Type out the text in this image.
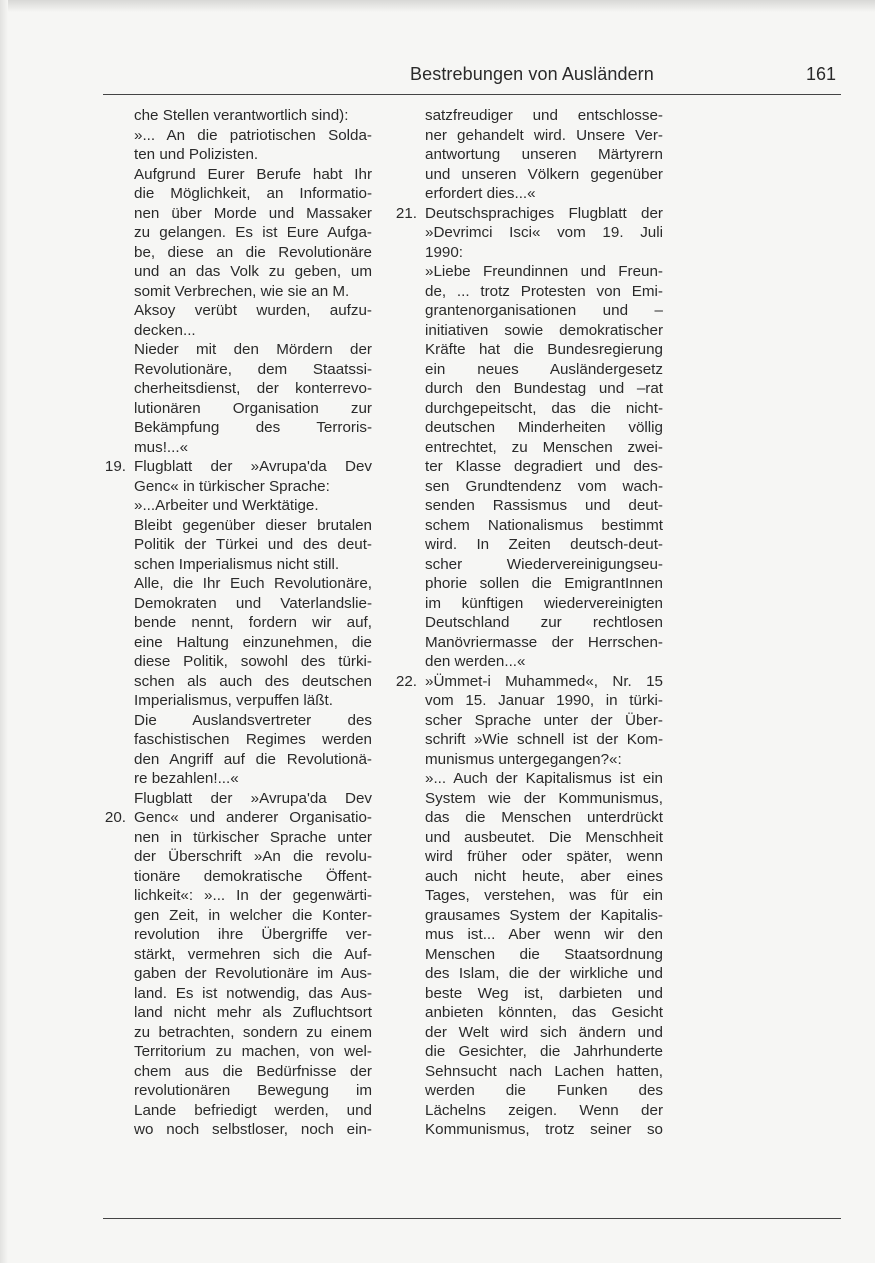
Bestrebungen von Ausländern	161
19.
20.
21.
22.
che Stellen verantwortlich sind):
»... An die patriotischen Solda-
ten und Polizisten.
Aufgrund Eurer Berufe habt Ihr
die Möglichkeit, an Informatio-
nen über Morde und Massaker
zu gelangen. Es ist Eure Aufga-
be, diese an die Revolutionäre
und an das Volk zu geben, um
somit Verbrechen, wie sie an M.
Aksoy verübt wurden, aufzu-
decken...
Nieder mit den Mördern der
Revolutionäre, dem Staatssi-
cherheitsdienst, der konterrevo-
lutionären Organisation zur
Bekämpfung des Terroris-
mus!...«
Flugblatt der »Avrupa'da Dev
Genc« in türkischer Sprache:
»...Arbeiter und Werktätige.
Bleibt gegenüber dieser brutalen
Politik der Türkei und des deut-
schen Imperialismus nicht still.
Alle, die Ihr Euch Revolutionäre,
Demokraten und Vaterlandslie-
bende nennt, fordern wir auf,
eine Haltung einzunehmen, die
diese Politik, sowohl des türki-
schen als auch des deutschen
Imperialismus, verpuffen läßt.
Die Auslandsvertreter des
faschistischen Regimes werden
den Angriff auf die Revolutionä-
re bezahlen!...«
Flugblatt der »Avrupa'da Dev
Genc« und anderer Organisatio-
nen in türkischer Sprache unter
der Überschrift »An die revolu-
tionäre demokratische Öffent-
lichkeit«: »... In der gegenwärti-
gen Zeit, in welcher die Konter-
revolution ihre Übergriffe ver-
stärkt, vermehren sich die Auf-
gaben der Revolutionäre im Aus-
land. Es ist notwendig, das Aus-
land nicht mehr als Zufluchtsort
zu betrachten, sondern zu einem
Territorium zu machen, von wel-
chem aus die Bedürfnisse der
revolutionären Bewegung im
Lande befriedigt werden, und
wo noch selbstloser, noch ein-
satzfreudiger und entschlosse-
ner gehandelt wird. Unsere Ver-
antwortung unseren Märtyrern
und unseren Völkern gegenüber
erfordert dies...«
Deutschsprachiges Flugblatt der
»Devrimci Isci« vom 19. Juli
1990:
»Liebe Freundinnen und Freun-
de, ... trotz Protesten von Emi-
grantenorganisationen und –
initiativen sowie demokratischer
Kräfte hat die Bundesregierung
ein neues Ausländergesetz
durch den Bundestag und –rat
durchgepeitscht, das die nicht-
deutschen Minderheiten völlig
entrechtet, zu Menschen zwei-
ter Klasse degradiert und des-
sen Grundtendenz vom wach-
senden Rassismus und deut-
schem Nationalismus bestimmt
wird. In Zeiten deutsch-deut-
scher Wiedervereinigungseu-
phorie sollen die EmigrantInnen
im künftigen wiedervereinigten
Deutschland zur rechtlosen
Manövriermasse der Herrschen-
den werden...«
»Ümmet-i Muhammed«, Nr. 15
vom 15. Januar 1990, in türki-
scher Sprache unter der Über-
schrift »Wie schnell ist der Kom-
munismus untergegangen?«:
»... Auch der Kapitalismus ist ein
System wie der Kommunismus,
das die Menschen unterdrückt
und ausbeutet. Die Menschheit
wird früher oder später, wenn
auch nicht heute, aber eines
Tages, verstehen, was für ein
grausames System der Kapitalis-
mus ist... Aber wenn wir den
Menschen die Staatsordnung
des Islam, die der wirkliche und
beste Weg ist, darbieten und
anbieten könnten, das Gesicht
der Welt wird sich ändern und
die Gesichter, die Jahrhunderte
Sehnsucht nach Lachen hatten,
werden die Funken des
Lächelns zeigen. Wenn der
Kommunismus, trotz seiner so
